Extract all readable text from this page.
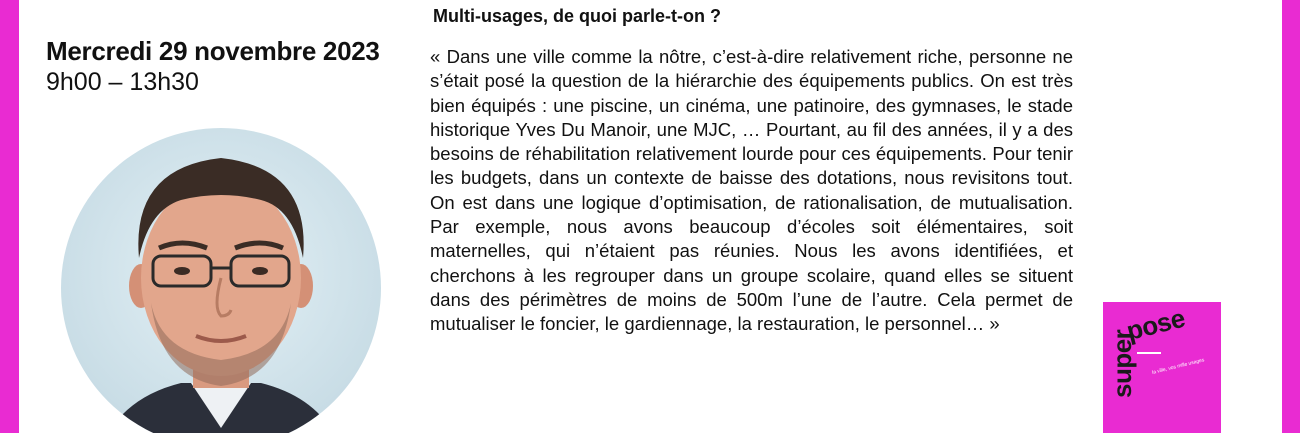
Mercredi 29 novembre 2023
9h00 – 13h30
Multi-usages, de quoi parle-t-on ?

« Dans une ville comme la nôtre, c’est-à-dire relativement riche, personne ne s’était posé la question de la hiérarchie des équipements publics. On est très bien équipés : une piscine, un cinéma, une patinoire, des gymnases, le stade historique Yves Du Manoir, une MJC, … Pourtant, au fil des années, il y a des besoins de réhabilitation relativement lourde pour ces équipements. Pour tenir les budgets, dans un contexte de baisse des dotations, nous revisitons tout. On est dans une logique d’optimisation, de rationalisation, de mutualisation. Par exemple, nous avons beaucoup d’écoles soit élémentaires, soit maternelles, qui n’étaient pas réunies. Nous les avons identifiées, et cherchons à les regrouper dans un groupe scolaire, quand elles se situent dans des périmètres de moins de 500m l’une de l’autre. Cela permet de mutualiser le foncier, le gardiennage, la restauration, le personnel… »	pose
super	la ville, vos mille usages
